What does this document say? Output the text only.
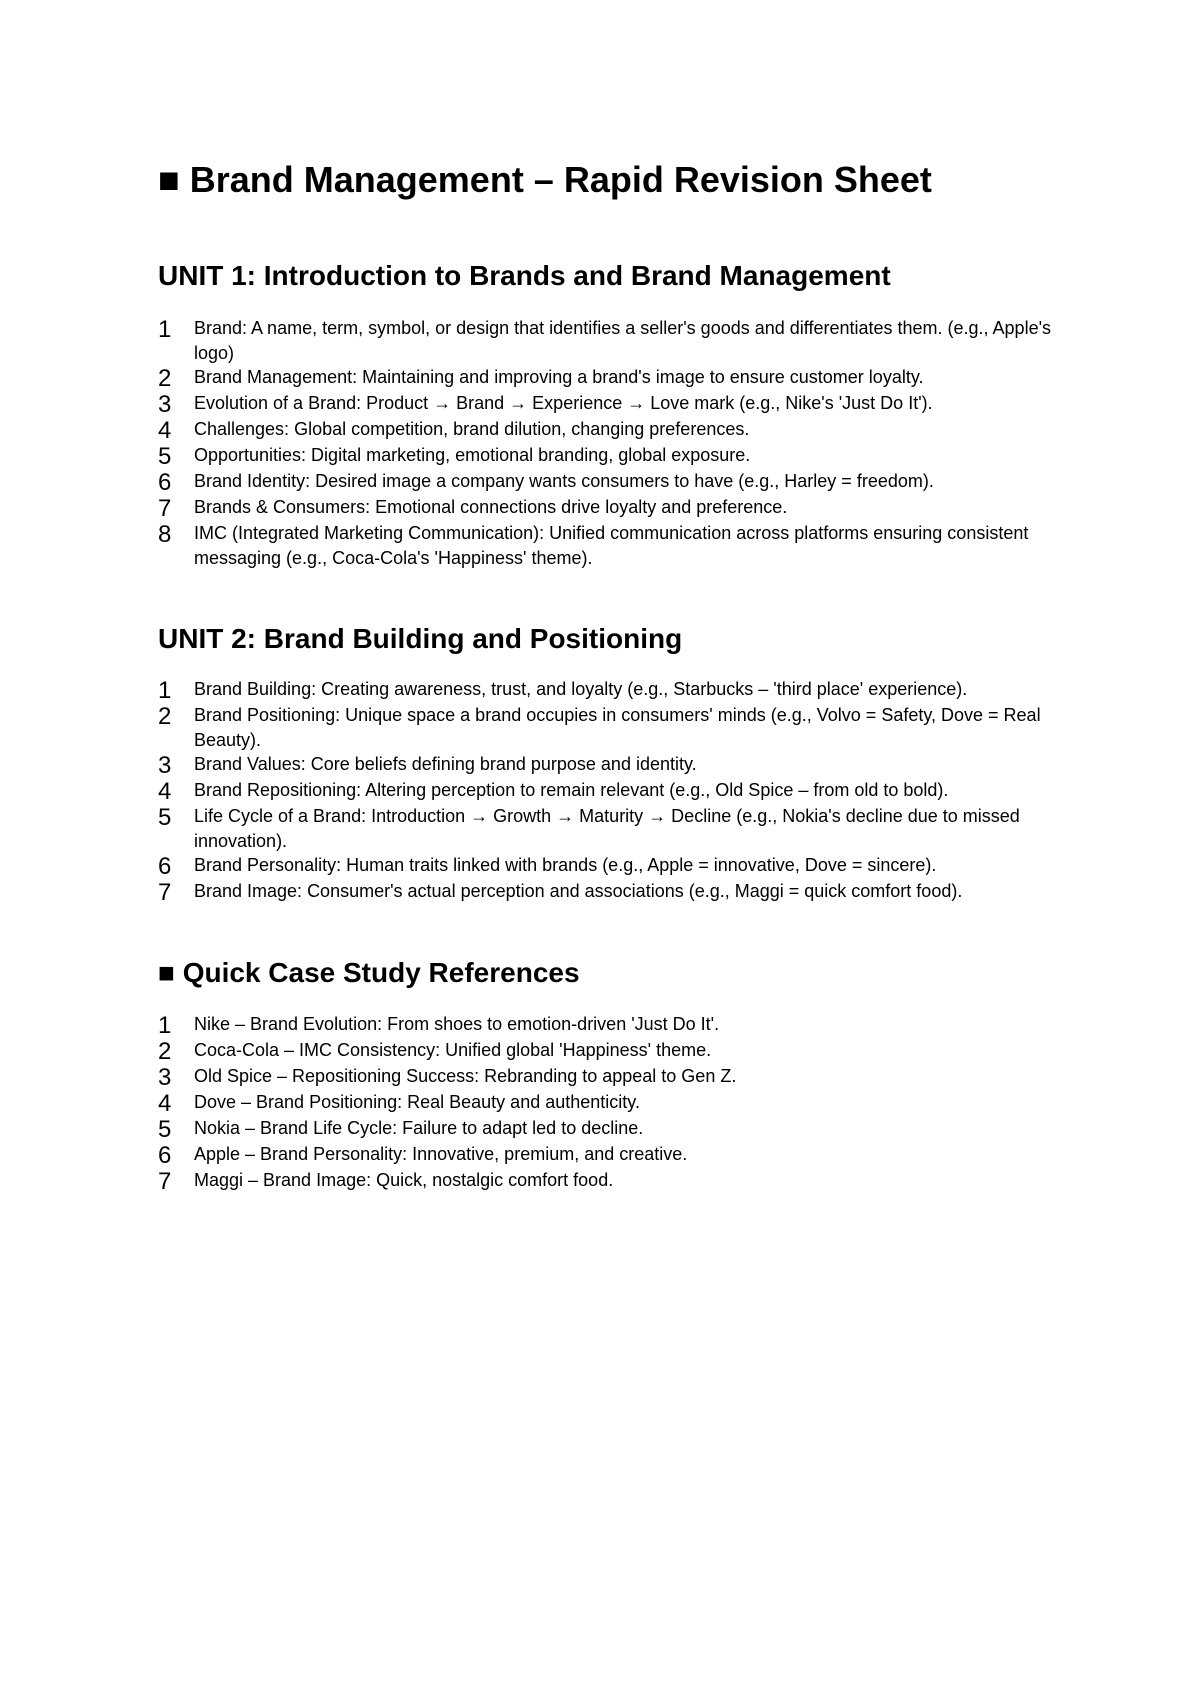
■ Brand Management – Rapid Revision Sheet
UNIT 1: Introduction to Brands and Brand Management
1	Brand: A name, term, symbol, or design that identifies a seller's goods and differentiates them. (e.g., Apple's logo)
2	Brand Management: Maintaining and improving a brand's image to ensure customer loyalty.
3	Evolution of a Brand: Product → Brand → Experience → Love mark (e.g., Nike's 'Just Do It').
4	Challenges: Global competition, brand dilution, changing preferences.
5	Opportunities: Digital marketing, emotional branding, global exposure.
6	Brand Identity: Desired image a company wants consumers to have (e.g., Harley = freedom).
7	Brands & Consumers: Emotional connections drive loyalty and preference.
8	IMC (Integrated Marketing Communication): Unified communication across platforms ensuring consistent messaging (e.g., Coca-Cola's 'Happiness' theme).
UNIT 2: Brand Building and Positioning
1	Brand Building: Creating awareness, trust, and loyalty (e.g., Starbucks – 'third place' experience).
2	Brand Positioning: Unique space a brand occupies in consumers' minds (e.g., Volvo = Safety, Dove = Real Beauty).
3	Brand Values: Core beliefs defining brand purpose and identity.
4	Brand Repositioning: Altering perception to remain relevant (e.g., Old Spice – from old to bold).
5	Life Cycle of a Brand: Introduction → Growth → Maturity → Decline (e.g., Nokia's decline due to missed innovation).
6	Brand Personality: Human traits linked with brands (e.g., Apple = innovative, Dove = sincere).
7	Brand Image: Consumer's actual perception and associations (e.g., Maggi = quick comfort food).
■ Quick Case Study References
1	Nike – Brand Evolution: From shoes to emotion-driven 'Just Do It'.
2	Coca-Cola – IMC Consistency: Unified global 'Happiness' theme.
3	Old Spice – Repositioning Success: Rebranding to appeal to Gen Z.
4	Dove – Brand Positioning: Real Beauty and authenticity.
5	Nokia – Brand Life Cycle: Failure to adapt led to decline.
6	Apple – Brand Personality: Innovative, premium, and creative.
7	Maggi – Brand Image: Quick, nostalgic comfort food.
